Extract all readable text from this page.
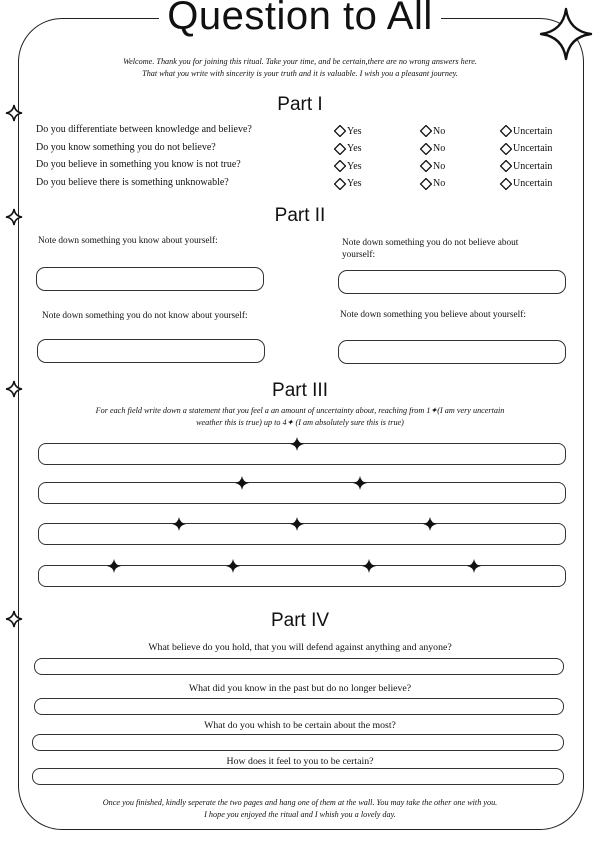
Question to All
Welcome. Thank you for joining this ritual. Take your time, and be certain,there are no wrong answers here.
That what you write with sincerity is your truth and it is valuable. I wish you a pleasant journey.
Part I
Do you differentiate between knowledge and believe?	Yes	No	Uncertain
Do you know something you do not believe?	Yes	No	Uncertain
Do you believe in something you know is not true?	Yes	No	Uncertain
Do you believe there is something unknowable?	Yes	No	Uncertain
Part II
Note down something you know about yourself:	Note down something you do not believe about yourself:
Note down something you do not know about yourself:	Note down something you believe about yourself:
Part III
For each field write down a statement that you feel a an amount of uncertainty about, reaching from 1✦(I am very uncertain
weather this is true) up to 4✦ (I am absolutely sure this is true)
Part IV
What believe do you hold, that you will defend against anything and anyone?
What did you know in the past but do no longer believe?
What do you whish to be certain about the most?
How does it feel to you to be certain?
Once you finished, kindly seperate the two pages and hang one of them at the wall. You may take the other one with you.
I hope you enjoyed the ritual and I whish you a lovely day.
